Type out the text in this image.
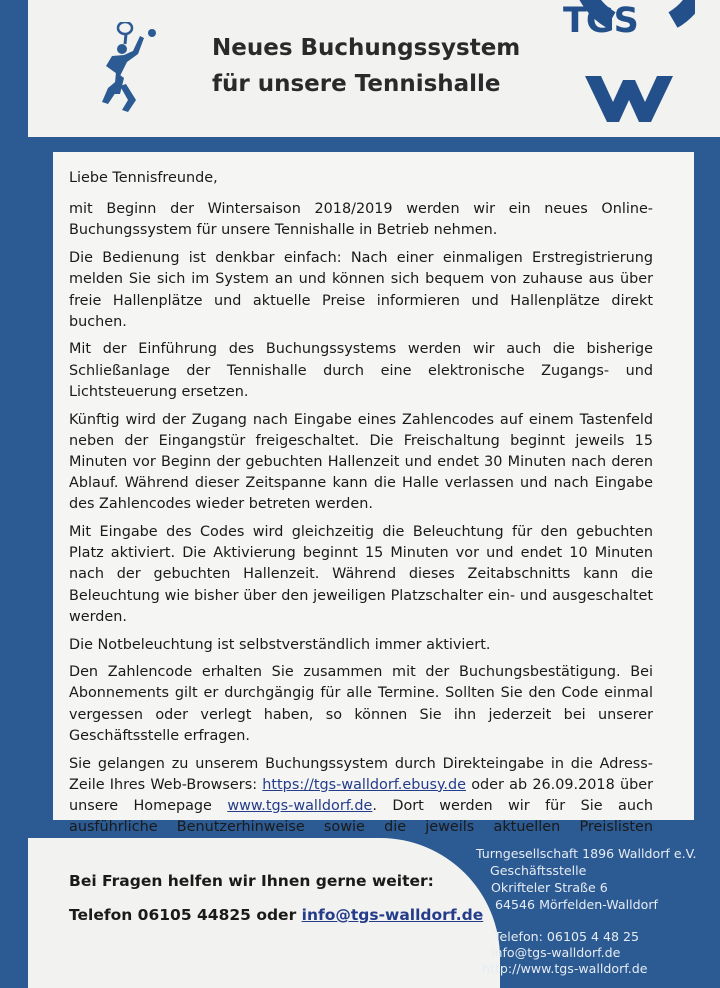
Neues Buchungssystem
für unsere Tennishalle
TGS

Liebe Tennisfreunde,

mit Beginn der Wintersaison 2018/2019 werden wir ein neues Online-Buchungssystem für unsere Tennishalle in Betrieb nehmen.

Die Bedienung ist denkbar einfach: Nach einer einmaligen Erstregistrierung melden Sie sich im System an und können sich bequem von zuhause aus über freie Hallenplätze und aktuelle Preise informieren und Hallenplätze direkt buchen.

Mit der Einführung des Buchungssystems werden wir auch die bisherige Schließanlage der Tennishalle durch eine elektronische Zugangs- und Lichtsteuerung ersetzen.

Künftig wird der Zugang nach Eingabe eines Zahlencodes auf einem Tastenfeld neben der Eingangstür freigeschaltet. Die Freischaltung beginnt jeweils 15 Minuten vor Beginn der gebuchten Hallenzeit und endet 30 Minuten nach deren Ablauf. Während dieser Zeitspanne kann die Halle verlassen und nach Eingabe des Zahlencodes wieder betreten werden.

Mit Eingabe des Codes wird gleichzeitig die Beleuchtung für den gebuchten Platz aktiviert. Die Aktivierung beginnt 15 Minuten vor und endet 10 Minuten nach der gebuchten Hallenzeit. Während dieses Zeitabschnitts kann die Beleuchtung wie bisher über den jeweiligen Platzschalter ein- und ausgeschaltet werden.

Die Notbeleuchtung ist selbstverständlich immer aktiviert.

Den Zahlencode erhalten Sie zusammen mit der Buchungsbestätigung. Bei Abonnements gilt er durchgängig für alle Termine. Sollten Sie den Code einmal vergessen oder verlegt haben, so können Sie ihn jederzeit bei unserer Geschäftsstelle erfragen.

Sie gelangen zu unserem Buchungssystem durch Direkteingabe in die Adress-Zeile Ihres Web-Browsers: https://tgs-walldorf.ebusy.de oder ab 26.09.2018 über unsere Homepage www.tgs-walldorf.de. Dort werden wir für Sie auch ausführliche Benutzerhinweise sowie die jeweils aktuellen Preislisten

Bei Fragen helfen wir Ihnen gerne weiter:
Telefon 06105 44825 oder info@tgs-walldorf.de
Turngesellschaft 1896 Walldorf e.V.
Geschäftsstelle
Okrifteler Straße 6
64546 Mörfelden-Walldorf
Telefon: 06105 4 48 25
info@tgs-walldorf.de
http://www.tgs-walldorf.de
